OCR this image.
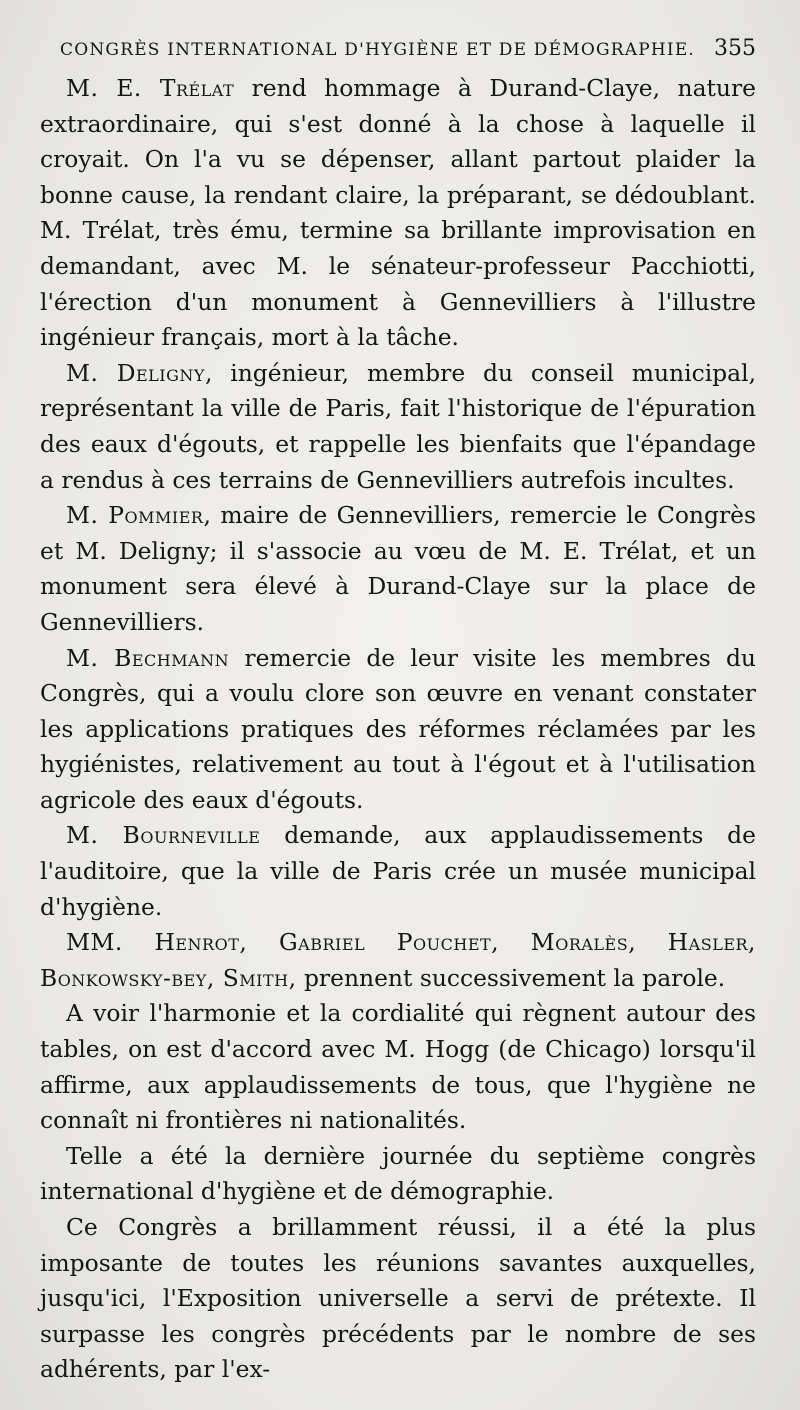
CONGRÈS INTERNATIONAL D'HYGIÈNE ET DE DÉMOGRAPHIE. 355

M. E. Trélat rend hommage à Durand-Claye, nature extraordinaire, qui s'est donné à la chose à laquelle il croyait. On l'a vu se dépenser, allant partout plaider la bonne cause, la rendant claire, la préparant, se dédoublant. M. Trélat, très ému, termine sa brillante improvisation en demandant, avec M. le sénateur-professeur Pacchiotti, l'érection d'un monument à Gennevilliers à l'illustre ingénieur français, mort à la tâche.

M. Deligny, ingénieur, membre du conseil municipal, représentant la ville de Paris, fait l'historique de l'épuration des eaux d'égouts, et rappelle les bienfaits que l'épandage a rendus à ces terrains de Gennevilliers autrefois incultes.

M. Pommier, maire de Gennevilliers, remercie le Congrès et M. Deligny; il s'associe au vœu de M. E. Trélat, et un monument sera élevé à Durand-Claye sur la place de Gennevilliers.

M. Bechmann remercie de leur visite les membres du Congrès, qui a voulu clore son œuvre en venant constater les applications pratiques des réformes réclamées par les hygiénistes, relativement au tout à l'égout et à l'utilisation agricole des eaux d'égouts.

M. Bourneville demande, aux applaudissements de l'auditoire, que la ville de Paris crée un musée municipal d'hygiène.

MM. Henrot, Gabriel Pouchet, Moralès, Hasler, Bonkowsky-bey, Smith, prennent successivement la parole.

A voir l'harmonie et la cordialité qui règnent autour des tables, on est d'accord avec M. Hogg (de Chicago) lorsqu'il affirme, aux applaudissements de tous, que l'hygiène ne connaît ni frontières ni nationalités.

Telle a été la dernière journée du septième congrès international d'hygiène et de démographie.

Ce Congrès a brillamment réussi, il a été la plus imposante de toutes les réunions savantes auxquelles, jusqu'ici, l'Exposition universelle a servi de prétexte. Il surpasse les congrès précédents par le nombre de ses adhérents, par l'ex-
